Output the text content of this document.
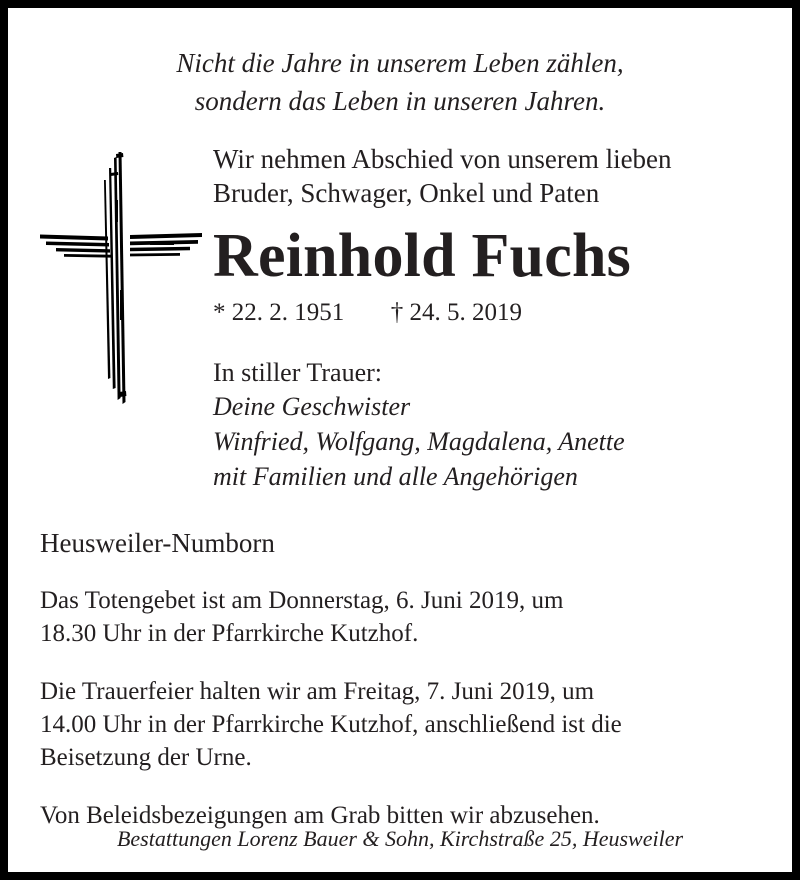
Nicht die Jahre in unserem Leben zählen,
sondern das Leben in unseren Jahren.
Wir nehmen Abschied von unserem lieben
Bruder, Schwager, Onkel und Paten
Reinhold Fuchs
* 22. 2. 1951 † 24. 5. 2019
In stiller Trauer:
Deine Geschwister
Winfried, Wolfgang, Magdalena, Anette
mit Familien und alle Angehörigen
Heusweiler-Numborn
Das Totengebet ist am Donnerstag, 6. Juni 2019, um
18.30 Uhr in der Pfarrkirche Kutzhof.
Die Trauerfeier halten wir am Freitag, 7. Juni 2019, um
14.00 Uhr in der Pfarrkirche Kutzhof, anschließend ist die
Beisetzung der Urne.
Von Beleidsbezeigungen am Grab bitten wir abzusehen.
Bestattungen Lorenz Bauer & Sohn, Kirchstraße 25, Heusweiler
